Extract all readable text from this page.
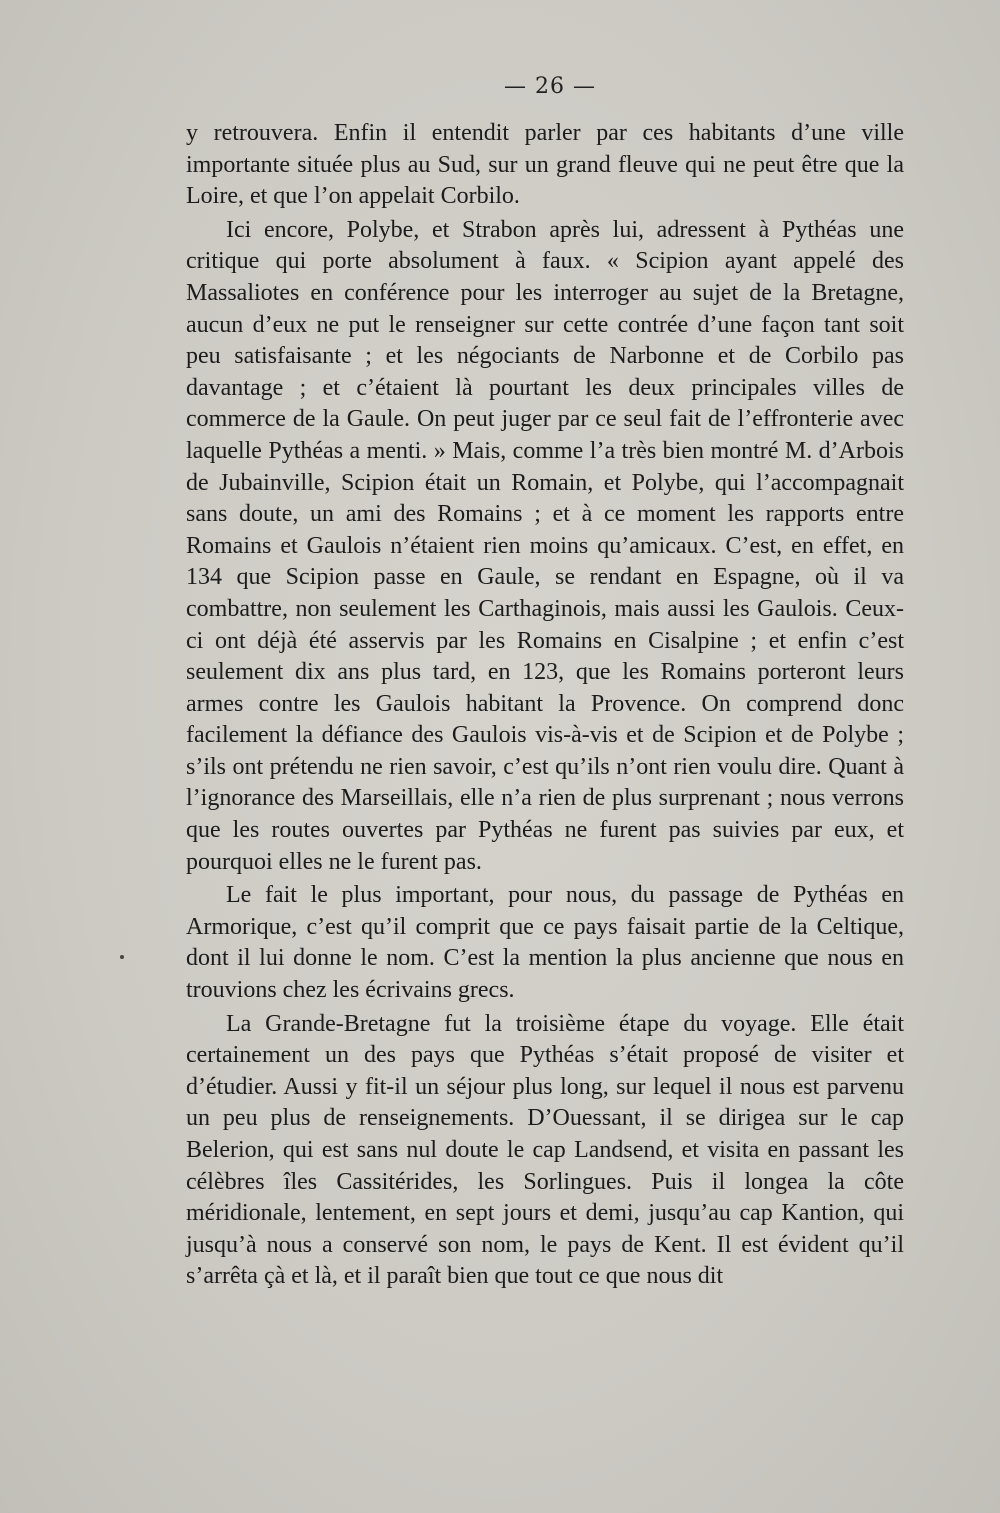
— 26 —

y retrouvera. Enfin il entendit parler par ces habitants d’une ville importante située plus au Sud, sur un grand fleuve qui ne peut être que la Loire, et que l’on appelait Corbilo.

Ici encore, Polybe, et Strabon après lui, adressent à Pythéas une critique qui porte absolument à faux. « Scipion ayant appelé des Massaliotes en conférence pour les interroger au sujet de la Bretagne, aucun d’eux ne put le renseigner sur cette contrée d’une façon tant soit peu satisfaisante ; et les négociants de Narbonne et de Corbilo pas davantage ; et c’étaient là pourtant les deux principales villes de commerce de la Gaule. On peut juger par ce seul fait de l’effronterie avec laquelle Pythéas a menti. » Mais, comme l’a très bien montré M. d’Arbois de Jubainville, Scipion était un Romain, et Polybe, qui l’accompagnait sans doute, un ami des Romains ; et à ce moment les rapports entre Romains et Gaulois n’étaient rien moins qu’amicaux. C’est, en effet, en 134 que Scipion passe en Gaule, se rendant en Espagne, où il va combattre, non seulement les Carthaginois, mais aussi les Gaulois. Ceux-ci ont déjà été asservis par les Romains en Cisalpine ; et enfin c’est seulement dix ans plus tard, en 123, que les Romains porteront leurs armes contre les Gaulois habitant la Provence. On comprend donc facilement la défiance des Gaulois vis-à-vis et de Scipion et de Polybe ; s’ils ont prétendu ne rien savoir, c’est qu’ils n’ont rien voulu dire. Quant à l’ignorance des Marseillais, elle n’a rien de plus surprenant ; nous verrons que les routes ouvertes par Pythéas ne furent pas suivies par eux, et pourquoi elles ne le furent pas.

Le fait le plus important, pour nous, du passage de Pythéas en Armorique, c’est qu’il comprit que ce pays faisait partie de la Celtique, dont il lui donne le nom. C’est la mention la plus ancienne que nous en trouvions chez les écrivains grecs.

La Grande-Bretagne fut la troisième étape du voyage. Elle était certainement un des pays que Pythéas s’était proposé de visiter et d’étudier. Aussi y fit-il un séjour plus long, sur lequel il nous est parvenu un peu plus de renseignements. D’Ouessant, il se dirigea sur le cap Belerion, qui est sans nul doute le cap Landsend, et visita en passant les célèbres îles Cassitérides, les Sorlingues. Puis il longea la côte méridionale, lentement, en sept jours et demi, jusqu’au cap Kantion, qui jusqu’à nous a conservé son nom, le pays de Kent. Il est évident qu’il s’arrêta çà et là, et il paraît bien que tout ce que nous dit
